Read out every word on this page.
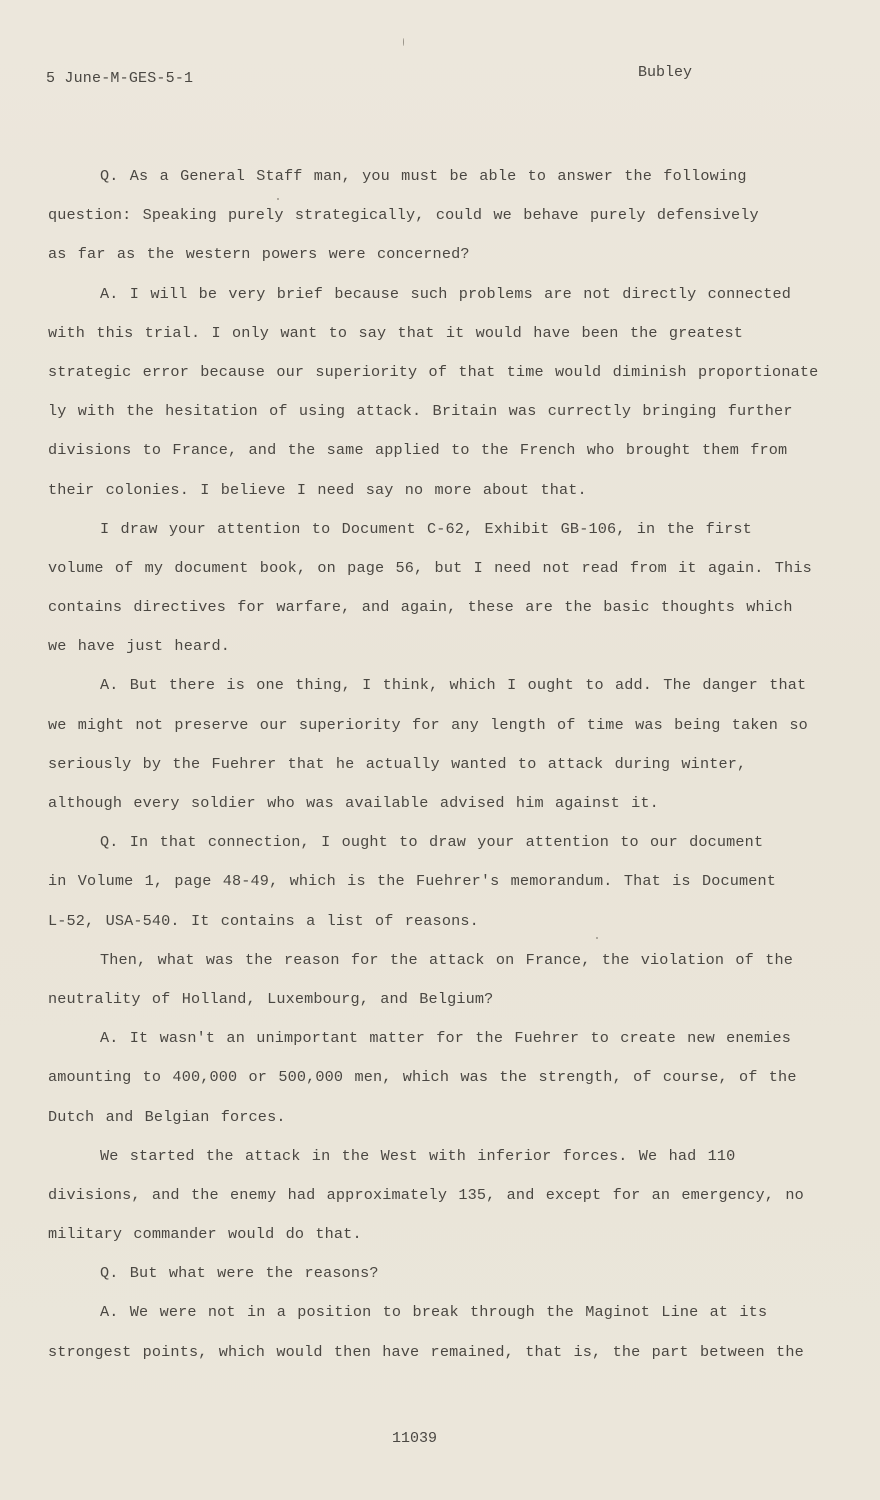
5 June-M-GES-5-1	Bubley
Q. As a General Staff man, you must be able to answer the following
question: Speaking purely strategically, could we behave purely defensively
as far as the western powers were concerned?
A. I will be very brief because such problems are not directly connected
with this trial. I only want to say that it would have been the greatest
strategic error because our superiority of that time would diminish proportionate
ly with the hesitation of using attack. Britain was currectly bringing further
divisions to France, and the same applied to the French who brought them from
their colonies. I believe I need say no more about that.
I draw your attention to Document C-62, Exhibit GB-106, in the first
volume of my document book, on page 56, but I need not read from it again. This
contains directives for warfare, and again, these are the basic thoughts which
we have just heard.
A. But there is one thing, I think, which I ought to add. The danger that
we might not preserve our superiority for any length of time was being taken so
seriously by the Fuehrer that he actually wanted to attack during winter,
although every soldier who was available advised him against it.
Q. In that connection, I ought to draw your attention to our document
in Volume 1, page 48-49, which is the Fuehrer's memorandum. That is Document
L-52, USA-540. It contains a list of reasons.
Then, what was the reason for the attack on France, the violation of the
neutrality of Holland, Luxembourg, and Belgium?
A. It wasn't an unimportant matter for the Fuehrer to create new enemies
amounting to 400,000 or 500,000 men, which was the strength, of course, of the
Dutch and Belgian forces.
We started the attack in the West with inferior forces. We had 110
divisions, and the enemy had approximately 135, and except for an emergency, no
military commander would do that.
Q. But what were the reasons?
A. We were not in a position to break through the Maginot Line at its
strongest points, which would then have remained, that is, the part between the
11039
